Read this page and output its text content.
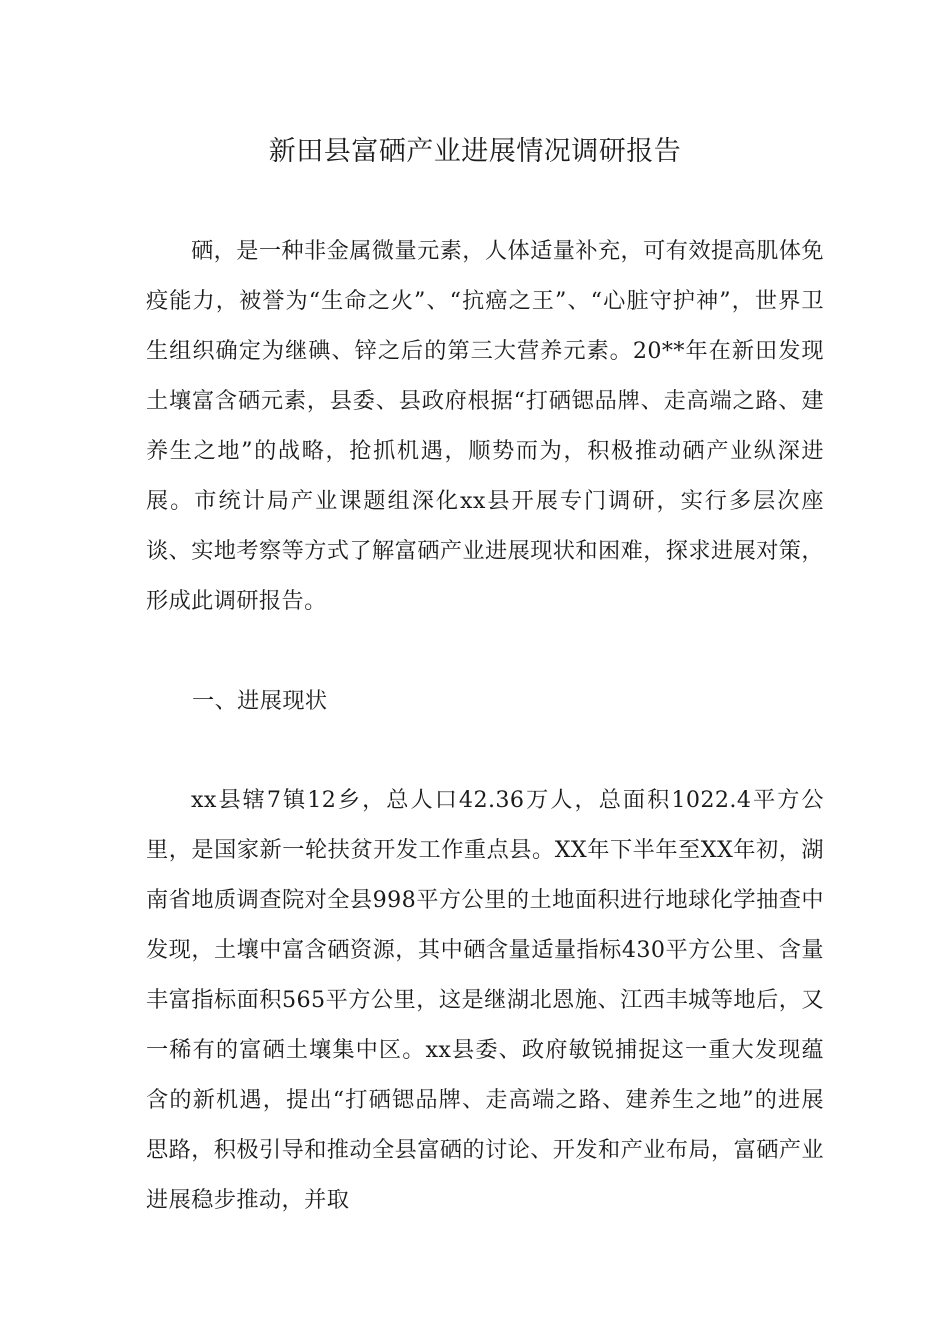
新田县富硒产业进展情况调研报告

硒，是一种非金属微量元素，人体适量补充，可有效提高肌体免疫能力，被誉为“生命之火”、“抗癌之王”、“心脏守护神”，世界卫生组织确定为继碘、锌之后的第三大营养元素。20**年在新田发现土壤富含硒元素，县委、县政府根据“打硒锶品牌、走高端之路、建养生之地”的战略，抢抓机遇，顺势而为，积极推动硒产业纵深进展。市统计局产业课题组深化xx县开展专门调研，实行多层次座谈、实地考察等方式了解富硒产业进展现状和困难，探求进展对策，形成此调研报告。

一、进展现状

xx县辖7镇12乡，总人口42.36万人，总面积1022.4平方公里，是国家新一轮扶贫开发工作重点县。XX年下半年至XX年初，湖南省地质调查院对全县998平方公里的土地面积进行地球化学抽查中发现，土壤中富含硒资源，其中硒含量适量指标430平方公里、含量丰富指标面积565平方公里，这是继湖北恩施、江西丰城等地后，又一稀有的富硒土壤集中区。xx县委、政府敏锐捕捉这一重大发现蕴含的新机遇，提出“打硒锶品牌、走高端之路、建养生之地”的进展思路，积极引导和推动全县富硒的讨论、开发和产业布局，富硒产业进展稳步推动，并取
